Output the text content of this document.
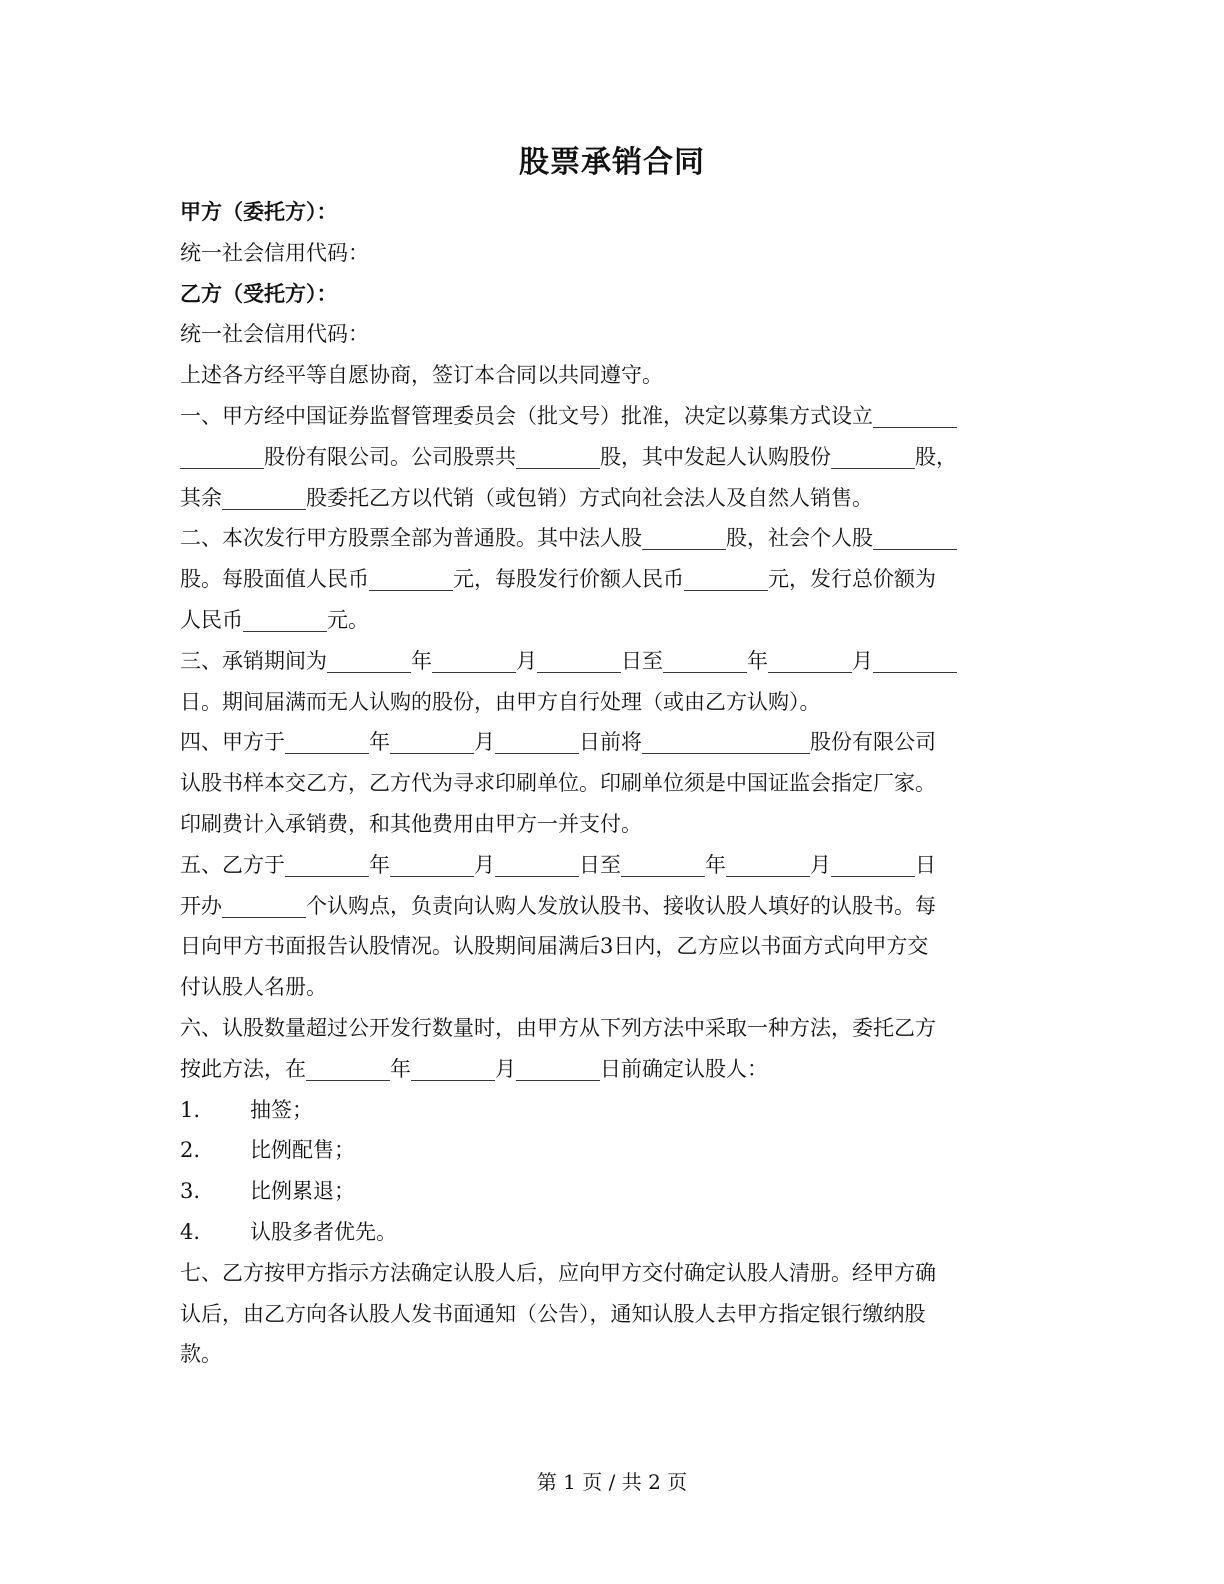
股票承销合同

甲方（委托方）：

统一社会信用代码：

乙方（受托方）：

统一社会信用代码：

上述各方经平等自愿协商，签订本合同以共同遵守。

一、甲方经中国证券监督管理委员会（批文号）批准，决定以募集方式设立________

________股份有限公司。公司股票共________股，其中发起人认购股份________股，

其余________股委托乙方以代销（或包销）方式向社会法人及自然人销售。

二、本次发行甲方股票全部为普通股。其中法人股________股，社会个人股________

股。每股面值人民币________元，每股发行价额人民币________元，发行总价额为

人民币________元。

三、承销期间为________年________月________日至________年________月________

日。期间届满而无人认购的股份，由甲方自行处理（或由乙方认购）。

四、甲方于________年________月________日前将________________股份有限公司

认股书样本交乙方，乙方代为寻求印刷单位。印刷单位须是中国证监会指定厂家。

印刷费计入承销费，和其他费用由甲方一并支付。

五、乙方于________年________月________日至________年________月________日

开办________个认购点，负责向认购人发放认股书、接收认股人填好的认股书。每

日向甲方书面报告认股情况。认股期间届满后3日内，乙方应以书面方式向甲方交

付认股人名册。

六、认股数量超过公开发行数量时，由甲方从下列方法中采取一种方法，委托乙方

按此方法，在________年________月________日前确定认股人：

1. 抽签；

2. 比例配售；

3. 比例累退；

4. 认股多者优先。

七、乙方按甲方指示方法确定认股人后，应向甲方交付确定认股人清册。经甲方确

认后，由乙方向各认股人发书面通知（公告），通知认股人去甲方指定银行缴纳股

款。

第 1 页 / 共 2 页
